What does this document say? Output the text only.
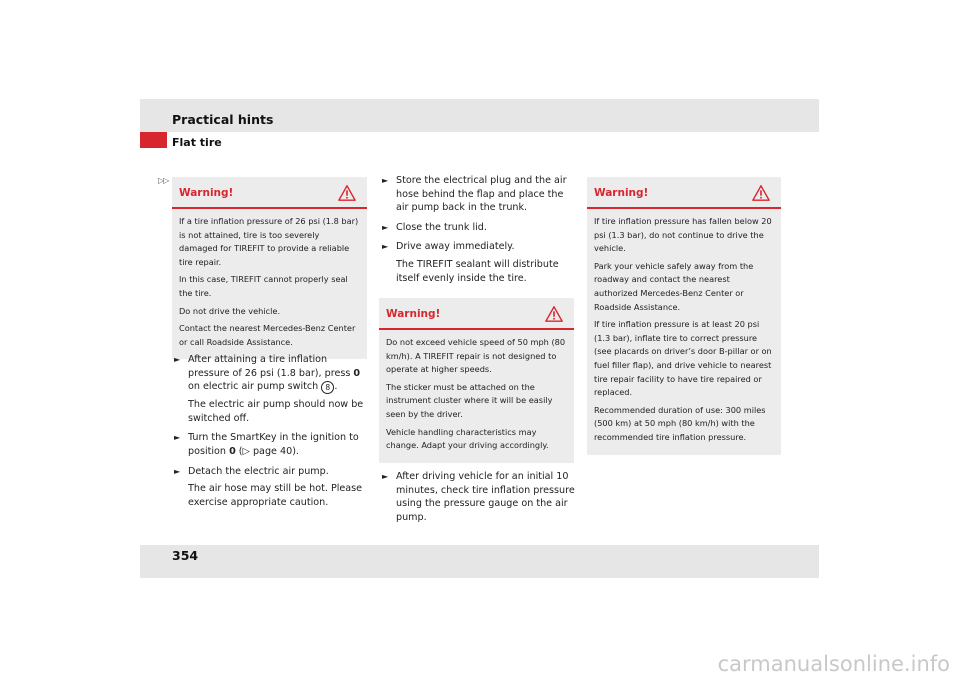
Practical hints
Flat tire
▷▷
Warning!

If a tire inflation pressure of 26 psi (1.8 bar) is not attained, tire is too severely damaged for TIREFIT to provide a reliable tire repair.

In this case, TIREFIT cannot properly seal the tire.

Do not drive the vehicle.

Contact the nearest Mercedes-Benz Center or call Roadside Assistance.

► After attaining a tire inflation pressure of 26 psi (1.8 bar), press 0 on electric air pump switch 8 .

The electric air pump should now be switched off.

► Turn the SmartKey in the ignition to position 0 (▷ page 40).

► Detach the electric air pump.

The air hose may still be hot. Please exercise appropriate caution.

► Store the electrical plug and the air hose behind the flap and place the air pump back in the trunk.

► Close the trunk lid.

► Drive away immediately.

The TIREFIT sealant will distribute itself evenly inside the tire.

Warning!

Do not exceed vehicle speed of 50 mph (80 km/h). A TIREFIT repair is not designed to operate at higher speeds.

The sticker must be attached on the instrument cluster where it will be easily seen by the driver.

Vehicle handling characteristics may change. Adapt your driving accordingly.

► After driving vehicle for an initial 10 minutes, check tire inflation pressure using the pressure gauge on the air pump.

Warning!

If tire inflation pressure has fallen below 20 psi (1.3 bar), do not continue to drive the vehicle.

Park your vehicle safely away from the roadway and contact the nearest authorized Mercedes-Benz Center or Roadside Assistance.

If tire inflation pressure is at least 20 psi (1.3 bar), inflate tire to correct pressure (see placards on driver’s door B-pillar or on fuel filler flap), and drive vehicle to nearest tire repair facility to have tire repaired or replaced.

Recommended duration of use: 300 miles (500 km) at 50 mph (80 km/h) with the recommended tire inflation pressure.

354
carmanualsonline.info
